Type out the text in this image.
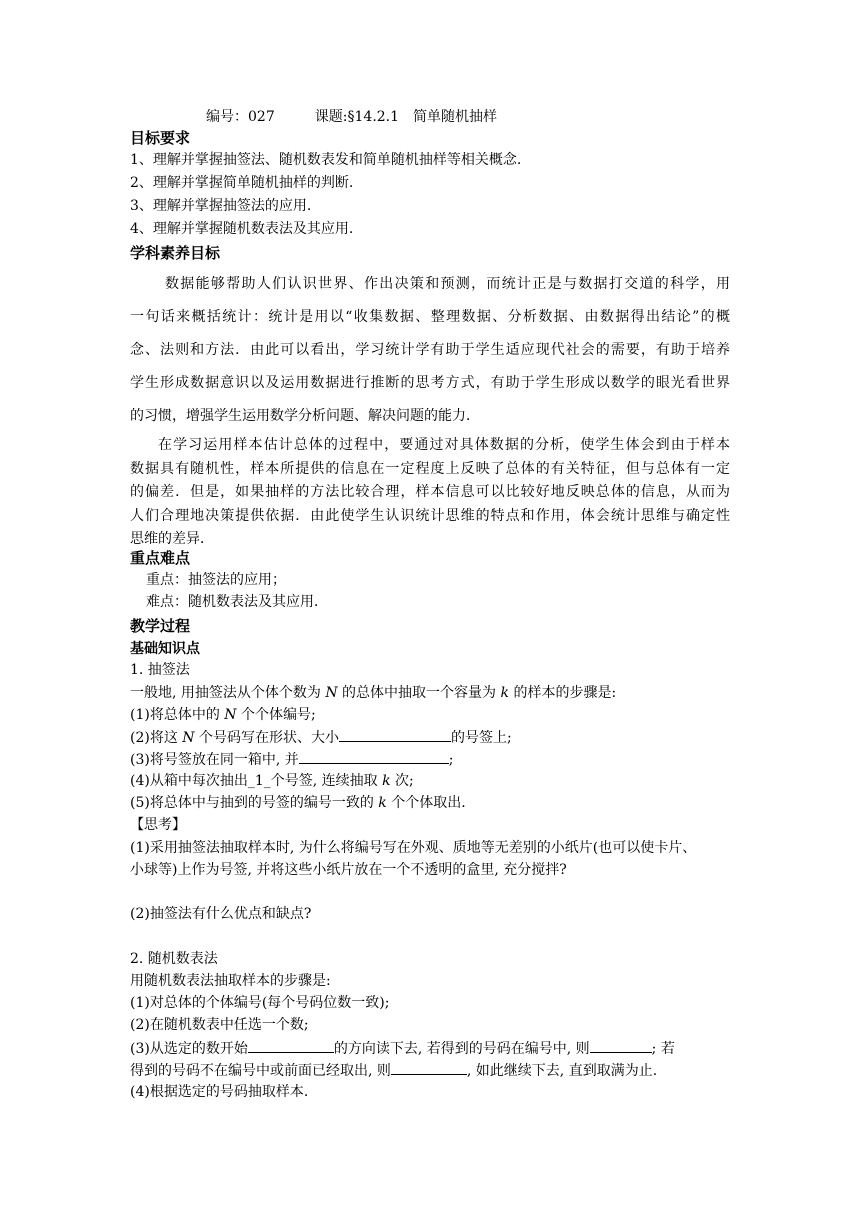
编号：027	课题:§14.2.1　简单随机抽样
目标要求
1、理解并掌握抽签法、随机数表发和简单随机抽样等相关概念.
2、理解并掌握简单随机抽样的判断.
3、理解并掌握抽签法的应用.
4、理解并掌握随机数表法及其应用.
学科素养目标
数据能够帮助人们认识世界、作出决策和预测，而统计正是与数据打交道的科学，用
一句话来概括统计：统计是用以“收集数据、整理数据、分析数据、由数据得出结论”的概
念、法则和方法．由此可以看出，学习统计学有助于学生适应现代社会的需要，有助于培养
学生形成数据意识以及运用数据进行推断的思考方式，有助于学生形成以数学的眼光看世界
的习惯，增强学生运用数学分析问题、解决问题的能力．
在学习运用样本估计总体的过程中，要通过对具体数据的分析，使学生体会到由于样本
数据具有随机性，样本所提供的信息在一定程度上反映了总体的有关特征，但与总体有一定
的偏差．但是，如果抽样的方法比较合理，样本信息可以比较好地反映总体的信息，从而为
人们合理地决策提供依据．由此使学生认识统计思维的特点和作用，体会统计思维与确定性
思维的差异．
重点难点
重点：抽签法的应用；
难点：随机数表法及其应用．
教学过程
基础知识点
1. 抽签法
一般地, 用抽签法从个体个数为 N 的总体中抽取一个容量为 k 的样本的步骤是:
(1)将总体中的 N 个个体编号;
(2)将这 N 个号码写在形状、大小	的号签上;
(3)将号签放在同一箱中, 并	;
(4)从箱中每次抽出_1_个号签, 连续抽取 k 次;
(5)将总体中与抽到的号签的编号一致的 k 个个体取出.
【思考】
(1)采用抽签法抽取样本时, 为什么将编号写在外观、质地等无差别的小纸片(也可以使卡片、
小球等)上作为号签, 并将这些小纸片放在一个不透明的盒里, 充分搅拌?
(2)抽签法有什么优点和缺点?
2. 随机数表法
用随机数表法抽取样本的步骤是:
(1)对总体的个体编号(每个号码位数一致);
(2)在随机数表中任选一个数;
(3)从选定的数开始	的方向读下去, 若得到的号码在编号中, 则	; 若
得到的号码不在编号中或前面已经取出, 则	, 如此继续下去, 直到取满为止.
(4)根据选定的号码抽取样本.
